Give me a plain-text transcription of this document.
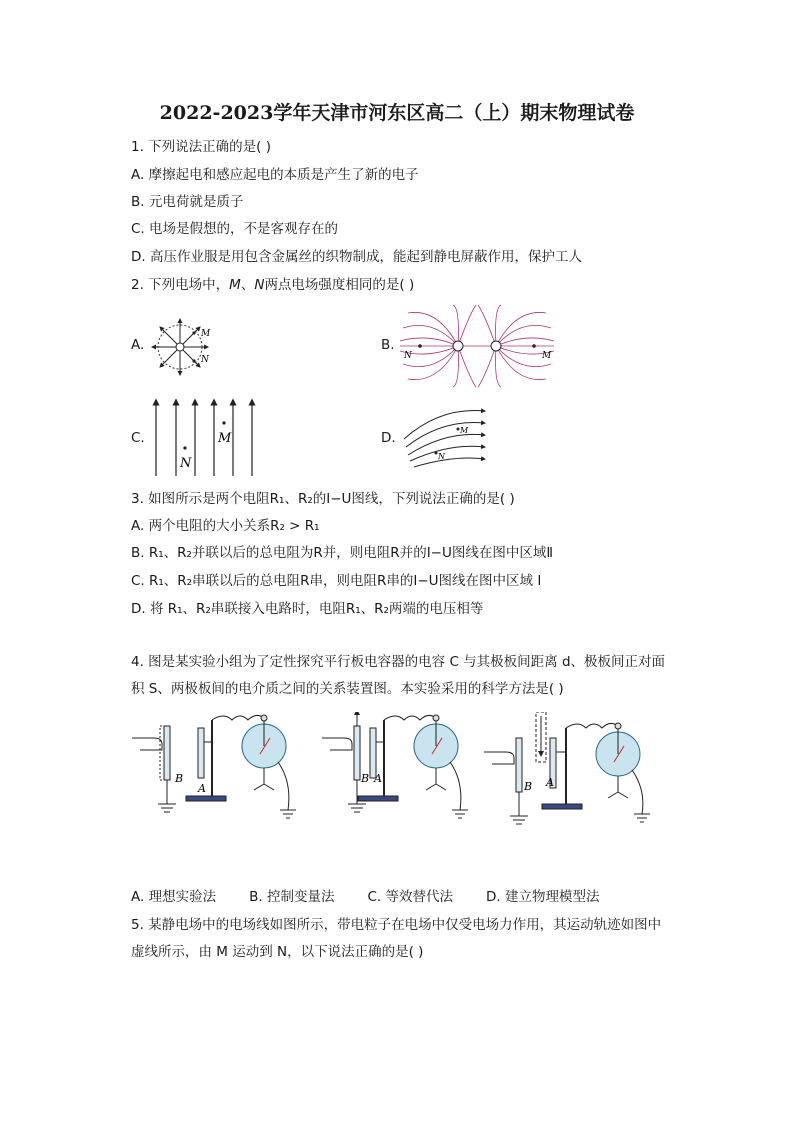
2022-2023学年天津市河东区高二（上）期末物理试卷
1. 下列说法正确的是( )
A. 摩擦起电和感应起电的本质是产生了新的电子
B. 元电荷就是质子
C. 电场是假想的，不是客观存在的
D. 高压作业服是用包含金属丝的织物制成，能起到静电屏蔽作用，保护工人
2. 下列电场中，M、N两点电场强度相同的是( )
A.	B.
C.	D.
M
N	N	M
M
N
M
N
3. 如图所示是两个电阻R₁、R₂的I−U图线，下列说法正确的是( )
A. 两个电阻的大小关系R₂ > R₁
B. R₁、R₂并联以后的总电阻为R并，则电阻R并的I−U图线在图中区域Ⅱ
C. R₁、R₂串联以后的总电阻R串，则电阻R串的I−U图线在图中区域 I
D. 将 R₁、R₂串联接入电路时，电阻R₁、R₂两端的电压相等
4. 图是某实验小组为了定性探究平行板电容器的电容 C 与其极板间距离 d、极板间正对面
积 S、两极板间的电介质之间的关系装置图。本实验采用的科学方法是( )
B
A
B A
B A
A. 理想实验法 B. 控制变量法 C. 等效替代法 D. 建立物理模型法
5. 某静电场中的电场线如图所示，带电粒子在电场中仅受电场力作用，其运动轨迹如图中
虚线所示，由 M 运动到 N，以下说法正确的是( )
